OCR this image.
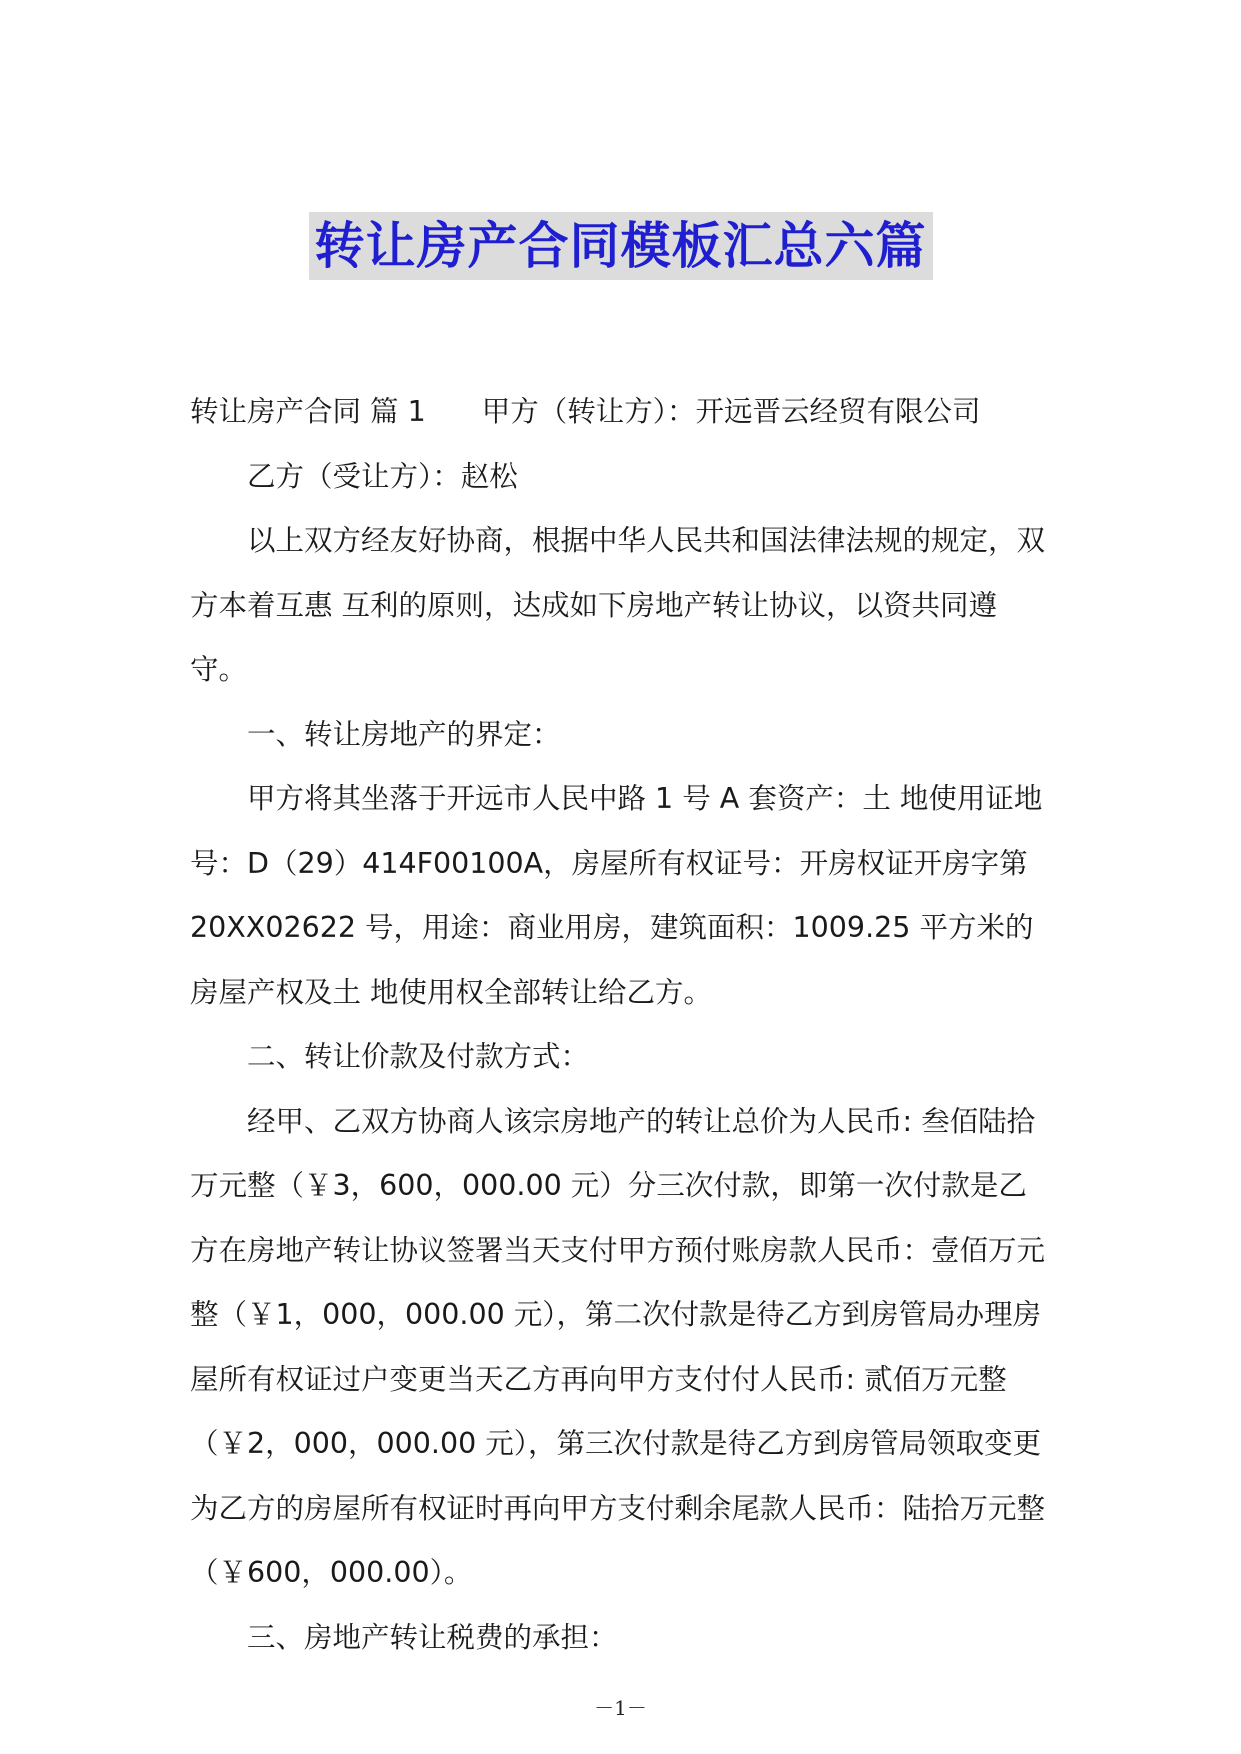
转让房产合同模板汇总六篇

转让房产合同 篇 1 甲方（转让方）：开远晋云经贸有限公司

乙方（受让方）：赵松

以上双方经友好协商，根据中华人民共和国法律法规的规定，双方本着互惠 互利的原则，达成如下房地产转让协议，以资共同遵守。

一、转让房地产的界定：

甲方将其坐落于开远市人民中路 1 号 A 套资产：土 地使用证地号：D（29）414F00100A，房屋所有权证号：开房权证开房字第 20XX02622 号，用途：商业用房，建筑面积：1009.25 平方米的房屋产权及土 地使用权全部转让给乙方。

二、转让价款及付款方式：

经甲、乙双方协商人该宗房地产的转让总价为人民币: 叁佰陆拾万元整（￥3，600，000.00 元）分三次付款，即第一次付款是乙方在房地产转让协议签署当天支付甲方预付账房款人民币：壹佰万元整（￥1，000，000.00 元），第二次付款是待乙方到房管局办理房屋所有权证过户变更当天乙方再向甲方支付付人民币: 贰佰万元整（￥2，000，000.00 元），第三次付款是待乙方到房管局领取变更为乙方的房屋所有权证时再向甲方支付剩余尾款人民币：陆拾万元整（￥600，000.00）。

三、房地产转让税费的承担：

－1－
